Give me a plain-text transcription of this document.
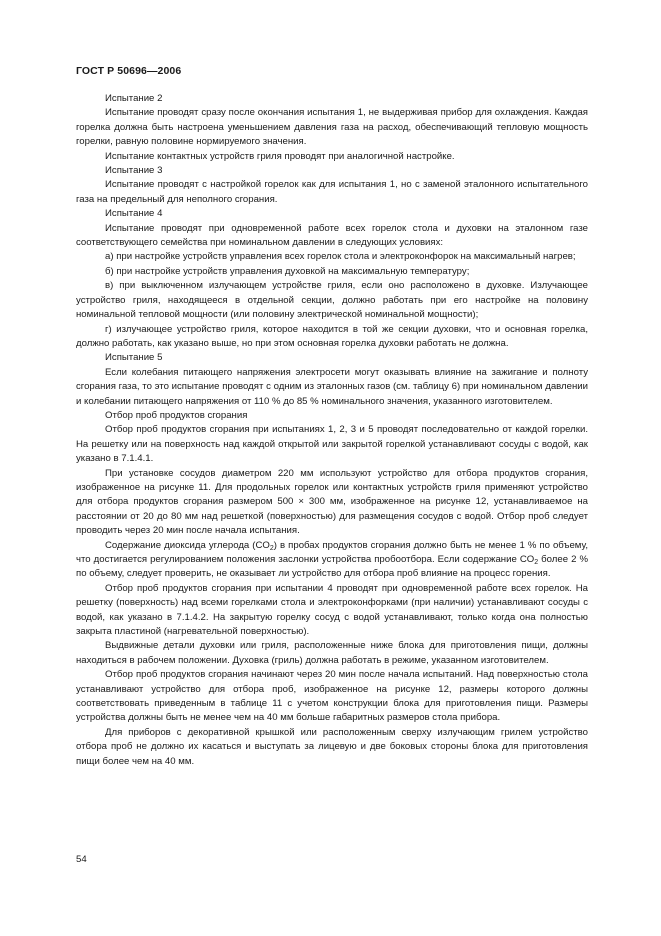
ГОСТ Р 50696—2006

Испытание 2

Испытание проводят сразу после окончания испытания 1, не выдерживая прибор для охлаждения. Каждая горелка должна быть настроена уменьшением давления газа на расход, обеспечивающий тепловую мощность горелки, равную половине нормируемого значения.

Испытание контактных устройств гриля проводят при аналогичной настройке.

Испытание 3

Испытание проводят с настройкой горелок как для испытания 1, но с заменой эталонного испытательного газа на предельный для неполного сгорания.

Испытание 4

Испытание проводят при одновременной работе всех горелок стола и духовки на эталонном газе соответствующего семейства при номинальном давлении в следующих условиях:

а) при настройке устройств управления всех горелок стола и электроконфорок на максимальный нагрев;

б) при настройке устройств управления духовкой на максимальную температуру;

в) при выключенном излучающем устройстве гриля, если оно расположено в духовке. Излучающее устройство гриля, находящееся в отдельной секции, должно работать при его настройке на половину номинальной тепловой мощности (или половину электрической номинальной мощности);

г) излучающее устройство гриля, которое находится в той же секции духовки, что и основная горелка, должно работать, как указано выше, но при этом основная горелка духовки работать не должна.

Испытание 5

Если колебания питающего напряжения электросети могут оказывать влияние на зажигание и полноту сгорания газа, то это испытание проводят с одним из эталонных газов (см. таблицу 6) при номинальном давлении и колебании питающего напряжения от 110 % до 85 % номинального значения, указанного изготовителем.

Отбор проб продуктов сгорания

Отбор проб продуктов сгорания при испытаниях 1, 2, 3 и 5 проводят последовательно от каждой горелки. На решетку или на поверхность над каждой открытой или закрытой горелкой устанавливают сосуды с водой, как указано в 7.1.4.1.

При установке сосудов диаметром 220 мм используют устройство для отбора продуктов сгорания, изображенное на рисунке 11. Для продольных горелок или контактных устройств гриля применяют устройство для отбора продуктов сгорания размером 500 × 300 мм, изображенное на рисунке 12, устанавливаемое на расстоянии от 20 до 80 мм над решеткой (поверхностью) для размещения сосудов с водой. Отбор проб следует проводить через 20 мин после начала испытания.

Содержание диоксида углерода $(CO_2)$ в пробах продуктов сгорания должно быть не менее 1 % по объему, что достигается регулированием положения заслонки устройства пробоотбора. Если содержание $CO_2$ более 2 % по объему, следует проверить, не оказывает ли устройство для отбора проб влияние на процесс горения.

Отбор проб продуктов сгорания при испытании 4 проводят при одновременной работе всех горелок. На решетку (поверхность) над всеми горелками стола и электроконфорками (при наличии) устанавливают сосуды с водой, как указано в 7.1.4.2. На закрытую горелку сосуд с водой устанавливают, только когда она полностью закрыта пластиной (нагревательной поверхностью).

Выдвижные детали духовки или гриля, расположенные ниже блока для приготовления пищи, должны находиться в рабочем положении. Духовка (гриль) должна работать в режиме, указанном изготовителем.

Отбор проб продуктов сгорания начинают через 20 мин после начала испытаний. Над поверхностью стола устанавливают устройство для отбора проб, изображенное на рисунке 12, размеры которого должны соответствовать приведенным в таблице 11 с учетом конструкции блока для приготовления пищи. Размеры устройства должны быть не менее чем на 40 мм больше габаритных размеров стола прибора.

Для приборов с декоративной крышкой или расположенным сверху излучающим грилем устройство отбора проб не должно их касаться и выступать за лицевую и две боковых стороны блока для приготовления пищи более чем на 40 мм.

54
